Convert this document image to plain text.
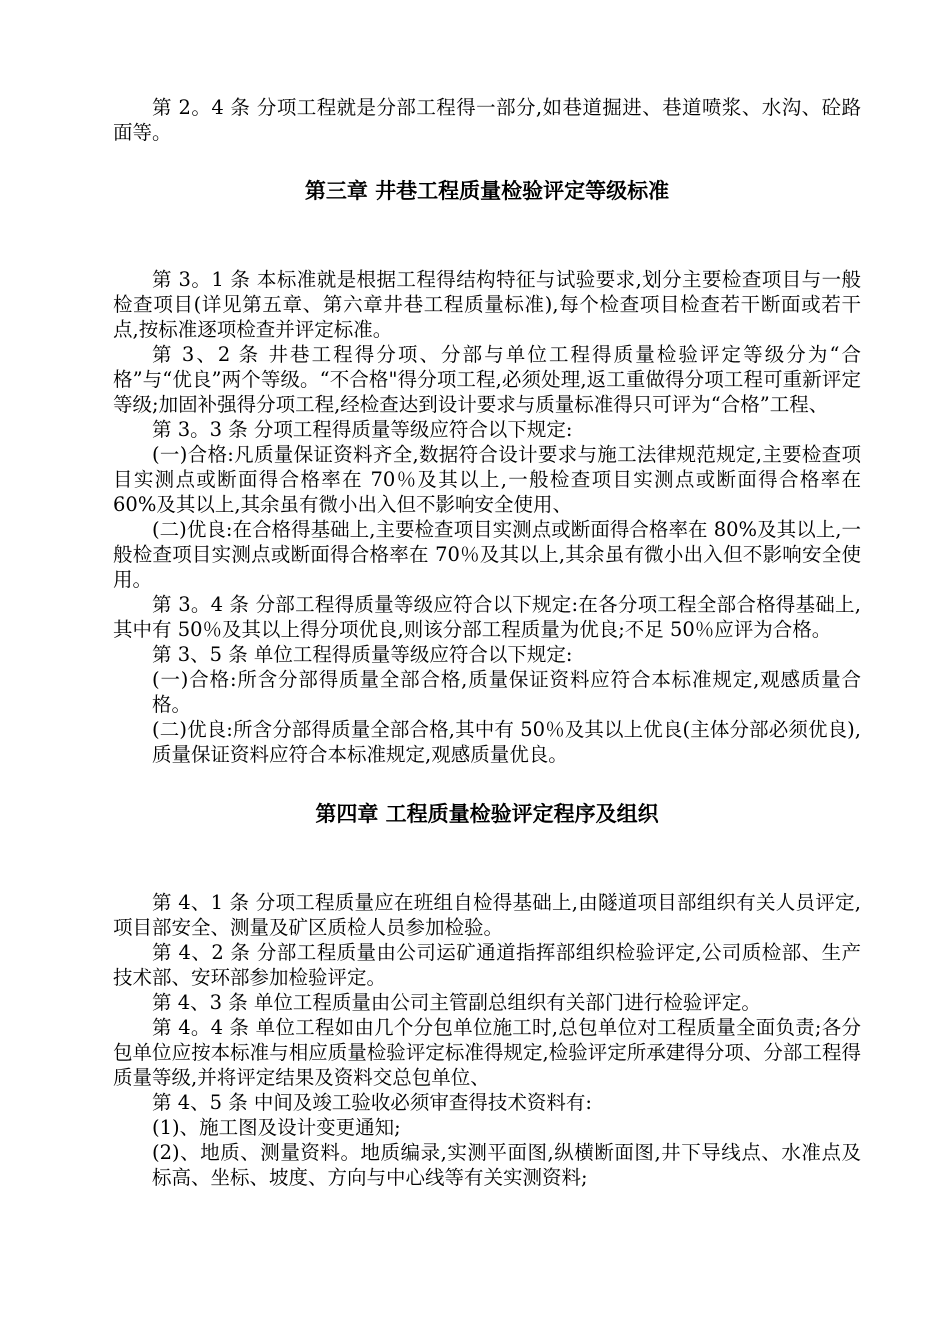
第 2。4 条 分项工程就是分部工程得一部分,如巷道掘进、巷道喷浆、水沟、砼路面等。

第三章 井巷工程质量检验评定等级标准

第 3。1 条 本标准就是根据工程得结构特征与试验要求,划分主要检查项目与一般检查项目(详见第五章、第六章井巷工程质量标准),每个检查项目检查若干断面或若干点,按标准逐项检查并评定标准。

第 3、2 条 井巷工程得分项、分部与单位工程得质量检验评定等级分为“合格”与“优良”两个等级。“不合格"得分项工程,必须处理,返工重做得分项工程可重新评定等级;加固补强得分项工程,经检查达到设计要求与质量标准得只可评为“合格”工程、

第 3。3 条 分项工程得质量等级应符合以下规定:

(一)合格:凡质量保证资料齐全,数据符合设计要求与施工法律规范规定,主要检查项目实测点或断面得合格率在 70％及其以上,一般检查项目实测点或断面得合格率在 60%及其以上,其余虽有微小出入但不影响安全使用、

(二)优良:在合格得基础上,主要检查项目实测点或断面得合格率在 80%及其以上,一般检查项目实测点或断面得合格率在 70％及其以上,其余虽有微小出入但不影响安全使用。

第 3。4 条 分部工程得质量等级应符合以下规定:在各分项工程全部合格得基础上,其中有 50％及其以上得分项优良,则该分部工程质量为优良;不足 50％应评为合格。

第 3、5 条 单位工程得质量等级应符合以下规定:

(一)合格:所含分部得质量全部合格,质量保证资料应符合本标准规定,观感质量合格。

(二)优良:所含分部得质量全部合格,其中有 50％及其以上优良(主体分部必须优良),质量保证资料应符合本标准规定,观感质量优良。

第四章 工程质量检验评定程序及组织

第 4、1 条 分项工程质量应在班组自检得基础上,由隧道项目部组织有关人员评定,项目部安全、测量及矿区质检人员参加检验。

第 4、2 条 分部工程质量由公司运矿通道指挥部组织检验评定,公司质检部、生产技术部、安环部参加检验评定。

第 4、3 条 单位工程质量由公司主管副总组织有关部门进行检验评定。

第 4。4 条 单位工程如由几个分包单位施工时,总包单位对工程质量全面负责;各分包单位应按本标准与相应质量检验评定标准得规定,检验评定所承建得分项、分部工程得质量等级,并将评定结果及资料交总包单位、

第 4、5 条 中间及竣工验收必须审查得技术资料有:

(1)、施工图及设计变更通知;

(2)、地质、测量资料。地质编录,实测平面图,纵横断面图,井下导线点、水准点及标高、坐标、坡度、方向与中心线等有关实测资料;
